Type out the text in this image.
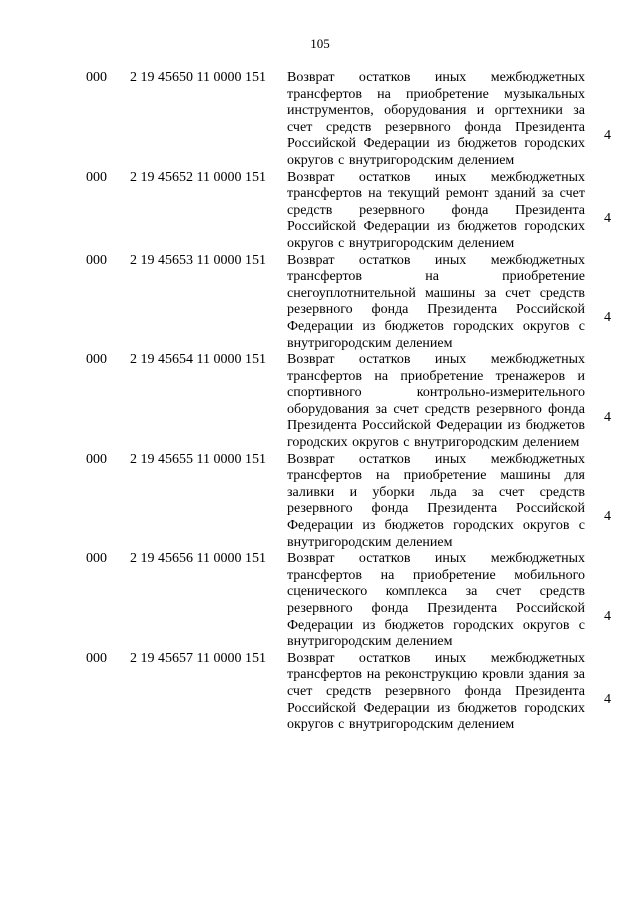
105
000 2 19 45650 11 0000 151 Возврат остатков иных межбюджетных трансфертов на приобретение музыкальных инструментов, оборудования и оргтехники за счет средств резервного фонда Президента Российской Федерации из бюджетов городских округов с внутригородским делением
4
000 2 19 45652 11 0000 151 Возврат остатков иных межбюджетных трансфертов на текущий ремонт зданий за счет средств резервного фонда Президента Российской Федерации из бюджетов городских округов с внутригородским делением
4
000 2 19 45653 11 0000 151 Возврат остатков иных межбюджетных трансфертов на приобретение снегоуплотнительной машины за счет средств резервного фонда Президента Российской Федерации из бюджетов городских округов с внутригородским делением
4
000 2 19 45654 11 0000 151 Возврат остатков иных межбюджетных трансфертов на приобретение тренажеров и спортивного контрольно-измерительного оборудования за счет средств резервного фонда Президента Российской Федерации из бюджетов городских округов с внутригородским делением
4
000 2 19 45655 11 0000 151 Возврат остатков иных межбюджетных трансфертов на приобретение машины для заливки и уборки льда за счет средств резервного фонда Президента Российской Федерации из бюджетов городских округов с внутригородским делением
4
000 2 19 45656 11 0000 151 Возврат остатков иных межбюджетных трансфертов на приобретение мобильного сценического комплекса за счет средств резервного фонда Президента Российской Федерации из бюджетов городских округов с внутригородским делением
4
000 2 19 45657 11 0000 151 Возврат остатков иных межбюджетных трансфертов на реконструкцию кровли здания за счет средств резервного фонда Президента Российской Федерации из бюджетов городских округов с внутригородским делением
4
